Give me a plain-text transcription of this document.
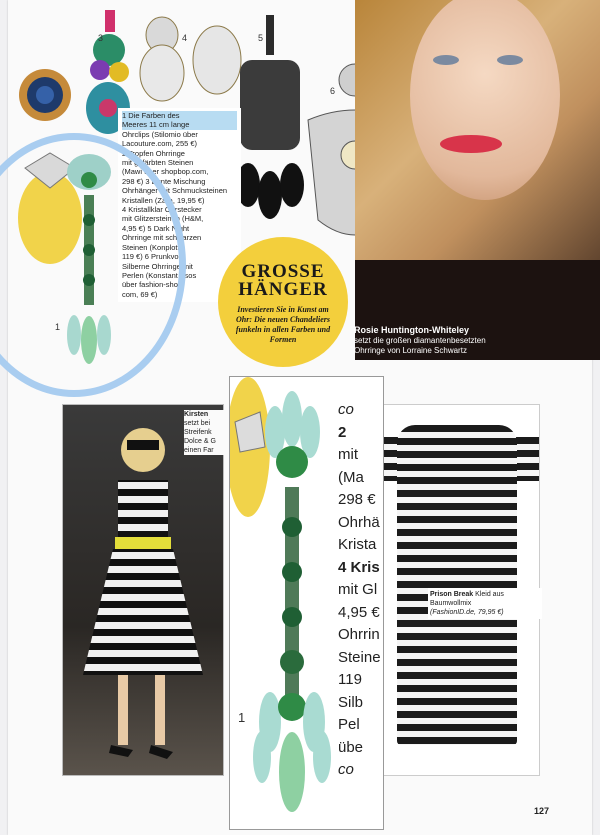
3	4	5
6
Rosie Huntington-Whiteley
setzt die großen diamantenbesetzten
Ohrringe von Lorraine Schwartz
1 Die Farben des
Meeres 11 cm lange
Ohrclips (Stilomio über
Lacouture.com, 255 €)
2 Tropfen Ohrringe
mit gefärbten Steinen
(Mawi über shopbop.com,
298 €) 3 Bunte Mischung
Ohrhänger mit Schmucksteinen
Kristallen (Zara, 19,95 €)
4 Kristallklar Ohrstecker
mit Glitzersteinen (H&M,
4,95 €) 5 Dark Night
Ohrringe mit schwarzen
Steinen (Konplott,
119 €) 6 Prunkvoll
Silberne Ohrringe mit
Perlen (Konstant Asos
über fashion-shop.
com, 69 €)
1
GROSSE
HÄNGER
Investieren Sie in Kunst am Ohr: Die neuen Chandeliers funkeln in allen Farben und Formen
Kirsten
setzt bei
Streifenk
Dolce & G
einen Far
1
co
2
mit
(Ma
298 €
Ohrhä
Krista
4 Kris
mit Gl
4,95 €
Ohrrin
Steine
119
Silb
Pel
übe
co
Prison Break Kleid aus Baumwollmix
(FashionID.de, 79,95 €)
127
